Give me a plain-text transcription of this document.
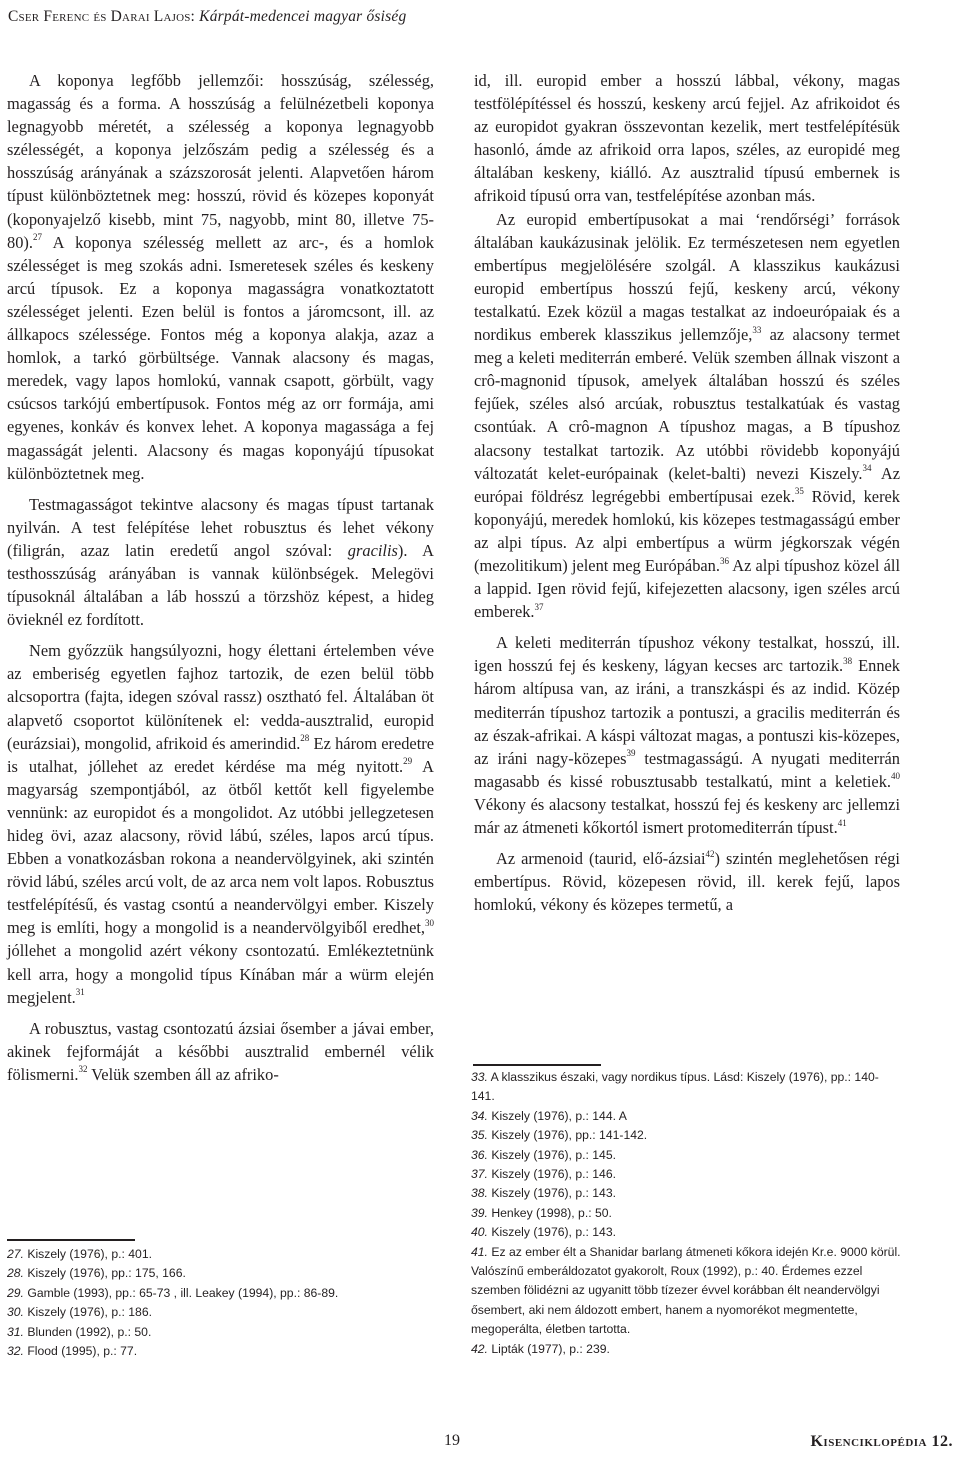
Cser Ferenc és Darai Lajos: Kárpát-medencei magyar ősiség

A koponya legfőbb jellemzői: hosszúság, szélesség, magasság és a forma. A hosszúság a felülnézetbeli koponya legnagyobb méretét, a szélesség a koponya legnagyobb szélességét, a koponya jelzőszám pedig a szélesség és a hosszúság arányának a százszorosát jelenti. Alapvetően három típust különböztetnek meg: hosszú, rövid és közepes koponyát (koponyajelző kisebb, mint 75, nagyobb, mint 80, illetve 75-80).$^{27}$ A koponya szélesség mellett az arc-, és a homlok szélességet is meg szokás adni. Ismeretesek széles és keskeny arcú típusok. Ez a koponya magasságra vonatkoztatott szélességet jelenti. Ezen belül is fontos a járomcsont, ill. az állkapocs szélessége. Fontos még a koponya alakja, azaz a homlok, a tarkó görbültsége. Vannak alacsony és magas, meredek, vagy lapos homlokú, vannak csapott, görbült, vagy csúcsos tarkójú embertípusok. Fontos még az orr formája, ami egyenes, konkáv és konvex lehet. A koponya magassága a fej magasságát jelenti. Alacsony és magas koponyájú típusokat különböztetnek meg.

Testmagasságot tekintve alacsony és magas típust tartanak nyilván. A test felépítése lehet robusztus és lehet vékony (filigrán, azaz latin eredetű angol szóval: gracilis). A testhosszúság arányában is vannak különbségek. Melegövi típusoknál általában a láb hosszú a törzshöz képest, a hideg övieknél ez fordított.

Nem győzzük hangsúlyozni, hogy élettani értelemben véve az emberiség egyetlen fajhoz tartozik, de ezen belül több alcsoportra (fajta, idegen szóval rassz) osztható fel. Általában öt alapvető csoportot különítenek el: vedda-ausztralid, europid (eurázsiai), mongolid, afrikoid és amerindid.$^{28}$ Ez három eredetre is utalhat, jóllehet az eredet kérdése ma még nyitott.$^{29}$ A magyarság szempontjából, az ötből kettőt kell figyelembe vennünk: az europidot és a mongolidot. Az utóbbi jellegzetesen hideg övi, azaz alacsony, rövid lábú, széles, lapos arcú típus. Ebben a vonatkozásban rokona a neandervölgyinek, aki szintén rövid lábú, széles arcú volt, de az arca nem volt lapos. Robusztus testfelépítésű, és vastag csontú a neandervölgyi ember. Kiszely meg is említi, hogy a mongolid is a neandervölgyiből eredhet,$^{30}$ jóllehet a mongolid azért vékony csontozatú. Emlékeztetnünk kell arra, hogy a mongolid típus Kínában már a würm elején megjelent.$^{31}$

A robusztus, vastag csontozatú ázsiai ősember a jávai ember, akinek fejformáját a későbbi ausztralid embernél vélik fölismerni.$^{32}$ Velük szemben áll az afriko-

id, ill. europid ember a hosszú lábbal, vékony, magas testfölépítéssel és hosszú, keskeny arcú fejjel. Az afrikoidot és az europidot gyakran összevontan kezelik, mert testfelépítésük hasonló, ámde az afrikoid orra lapos, széles, az europidé meg általában keskeny, kiálló. Az ausztralid típusú embernek is afrikoid típusú orra van, testfelépítése azonban más.

Az europid embertípusokat a mai ‘rendőrségi’ források általában kaukázusinak jelölik. Ez természetesen nem egyetlen embertípus megjelölésére szolgál. A klasszikus kaukázusi europid embertípus hosszú fejű, keskeny arcú, vékony testalkatú. Ezek közül a magas testalkat az indoeurópaiak és a nordikus emberek klasszikus jellemzője,$^{33}$ az alacsony termet meg a keleti mediterrán emberé. Velük szemben állnak viszont a crô-magnonid típusok, amelyek általában hosszú és széles fejűek, széles alsó arcúak, robusztus testalkatúak és vastag csontúak. A crô-magnon A típushoz magas, a B típushoz alacsony testalkat tartozik. Az utóbbi rövidebb koponyájú változatát kelet-európainak (kelet-balti) nevezi Kiszely.$^{34}$ Az európai földrész legrégebbi embertípusai ezek.$^{35}$ Rövid, kerek koponyájú, meredek homlokú, kis közepes testmagasságú ember az alpi típus. Az alpi embertípus a würm jégkorszak végén (mezolitikum) jelent meg Európában.$^{36}$ Az alpi típushoz közel áll a lappid. Igen rövid fejű, kifejezetten alacsony, igen széles arcú emberek.$^{37}$

A keleti mediterrán típushoz vékony testalkat, hosszú, ill. igen hosszú fej és keskeny, lágyan kecses arc tartozik.$^{38}$ Ennek három altípusa van, az iráni, a transzkáspi és az indid. Közép mediterrán típushoz tartozik a pontuszi, a gracilis mediterrán és az észak-afrikai. A káspi változat magas, a pontuszi kis-közepes, az iráni nagy-közepes$^{39}$ testmagasságú. A nyugati mediterrán magasabb és kissé robusztusabb testalkatú, mint a keletiek.$^{40}$ Vékony és alacsony testalkat, hosszú fej és keskeny arc jellemzi már az átmeneti kőkortól ismert protomediterrán típust.$^{41}$

Az armenoid (taurid, elő-ázsiai$^{42}$) szintén meglehetősen régi embertípus. Rövid, közepesen rövid, ill. kerek fejű, lapos homlokú, vékony és közepes termetű, a

27. Kiszely (1976), p.: 401.

28. Kiszely (1976), pp.: 175, 166.

29. Gamble (1993), pp.: 65-73 , ill. Leakey (1994), pp.: 86-89.

30. Kiszely (1976), p.: 186.

31. Blunden (1992), p.: 50.

32. Flood (1995), p.: 77.

33. A klasszikus északi, vagy nordikus típus. Lásd: Kiszely (1976), pp.: 140-141.

34. Kiszely (1976), p.: 144. A

35. Kiszely (1976), pp.: 141-142.

36. Kiszely (1976), p.: 145.

37. Kiszely (1976), p.: 146.

38. Kiszely (1976), p.: 143.

39. Henkey (1998), p.: 50.

40. Kiszely (1976), p.: 143.

41. Ez az ember élt a Shanidar barlang átmeneti kőkora idején Kr.e. 9000 körül. Valószínű emberáldozatot gyakorolt, Roux (1992), p.: 40. Érdemes ezzel szemben fölidézni az ugyanitt több tízezer évvel korábban élt neandervölgyi ősembert, aki nem áldozott embert, hanem a nyomorékot megmentette, megoperálta, életben tartotta.

42. Lipták (1977), p.: 239.

19	Kisenciklopédia 12.
